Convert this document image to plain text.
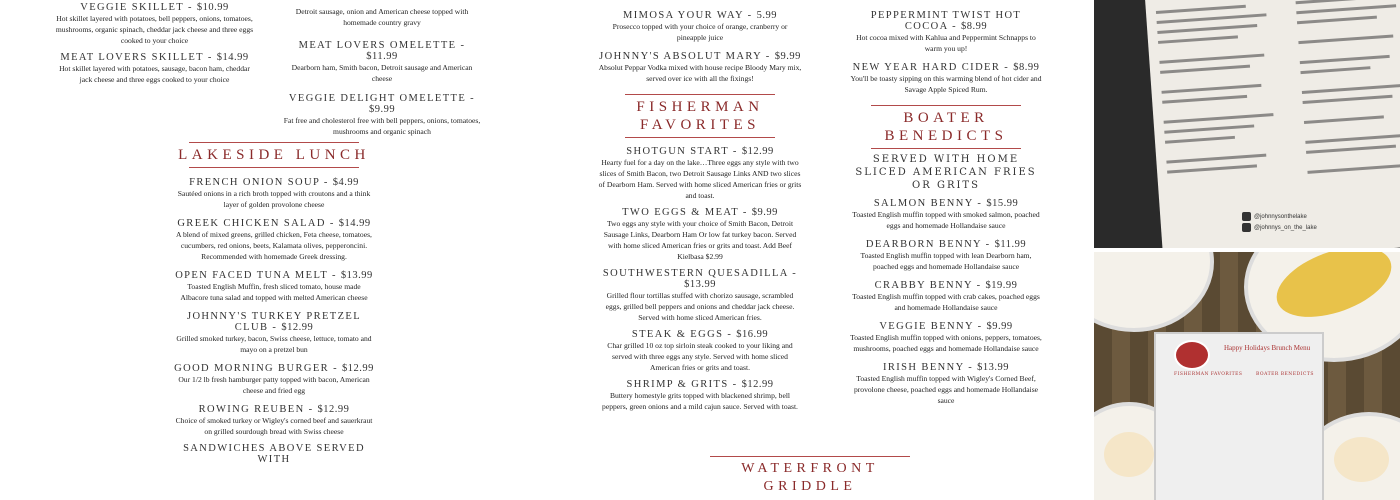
VEGGIE SKILLET - $10.99
Hot skillet layered with potatoes, bell peppers, onions, tomatoes, mushrooms, organic spinach, cheddar jack cheese and three eggs cooked to your choice
MEAT LOVERS SKILLET - $14.99
Hot skillet layered with potatoes, sausage, bacon ham, cheddar jack cheese and three eggs cooked to your choice
Detroit sausage, onion and American cheese topped with homemade country gravy
MEAT LOVERS OMELETTE - $11.99
Dearborn ham, Smith bacon, Detroit sausage and American cheese
VEGGIE DELIGHT OMELETTE - $9.99
Fat free and cholesterol free with bell peppers, onions, tomatoes, mushrooms and organic spinach
LAKESIDE LUNCH
FRENCH ONION SOUP - $4.99
Sautéed onions in a rich broth topped with croutons and a think layer of golden provolone cheese
GREEK CHICKEN SALAD - $14.99
A blend of mixed greens, grilled chicken, Feta cheese, tomatoes, cucumbers, red onions, beets, Kalamata olives, pepperoncini. Recommended with homemade Greek dressing.
OPEN FACED TUNA MELT - $13.99
Toasted English Muffin, fresh sliced tomato, house made Albacore tuna salad and topped with melted American cheese
JOHNNY'S TURKEY PRETZEL CLUB - $12.99
Grilled smoked turkey, bacon, Swiss cheese, lettuce, tomato and mayo on a pretzel bun
GOOD MORNING BURGER - $12.99
Our 1/2 lb fresh hamburger patty topped with bacon, American cheese and fried egg
ROWING REUBEN - $12.99
Choice of smoked turkey or Wigley's corned beef and sauerkraut on grilled sourdough bread with Swiss cheese
SANDWICHES ABOVE SERVED WITH
MIMOSA YOUR WAY - 5.99
Prosecco topped with your choice of orange, cranberry or pineapple juice
JOHNNY'S ABSOLUT MARY - $9.99
Absolut Peppar Vodka mixed with house recipe Bloody Mary mix, served over ice with all the fixings!
FISHERMAN
FAVORITES
SHOTGUN START - $12.99
Hearty fuel for a day on the lake…Three eggs any style with two slices of Smith Bacon, two Detroit Sausage Links AND two slices of Dearborn Ham. Served with home sliced American fries or grits and toast.
TWO EGGS & MEAT - $9.99
Two eggs any style with your choice of Smith Bacon, Detroit Sausage Links, Dearborn Ham Or low fat turkey bacon. Served with home sliced American fries or grits and toast. Add Beef Kielbasa $2.99
SOUTHWESTERN QUESADILLA - $13.99
Grilled flour tortillas stuffed with chorizo sausage, scrambled eggs, grilled bell peppers and onions and cheddar jack cheese. Served with home sliced American fries.
STEAK & EGGS - $16.99
Char grilled 10 oz top sirloin steak cooked to your liking and served with three eggs any style. Served with home sliced American fries or grits and toast.
SHRIMP & GRITS - $12.99
Buttery homestyle grits topped with blackened shrimp, bell peppers, green onions and a mild cajun sauce. Served with toast.
WATERFRONT GRIDDLE
PEPPERMINT TWIST HOT COCOA - $8.99
Hot cocoa mixed with Kahlua and Peppermint Schnapps to warm you up!
NEW YEAR HARD CIDER - $8.99
You'll be toasty sipping on this warming blend of hot cider and Savage Apple Spiced Rum.
BOATER
BENEDICTS
SERVED WITH HOME SLICED AMERICAN FRIES OR GRITS
SALMON BENNY - $15.99
Toasted English muffin topped with smoked salmon, poached eggs and homemade Hollandaise sauce
DEARBORN BENNY - $11.99
Toasted English muffin topped with lean Dearborn ham, poached eggs and homemade Hollandaise sauce
CRABBY BENNY - $19.99
Toasted English muffin topped with crab cakes, poached eggs and homemade Hollandaise sauce
VEGGIE BENNY - $9.99
Toasted English muffin topped with onions, peppers, tomatoes, mushrooms, poached eggs and homemade Hollandaise sauce
IRISH BENNY - $13.99
Toasted English muffin topped with Wigley's Corned Beef, provolone cheese, poached eggs and homemade Hollandaise sauce
@johnnysonthelake
@johnnys_on_the_lake
Happy Holidays Brunch Menu
FISHERMAN FAVORITES	BOATER BENEDICTS
